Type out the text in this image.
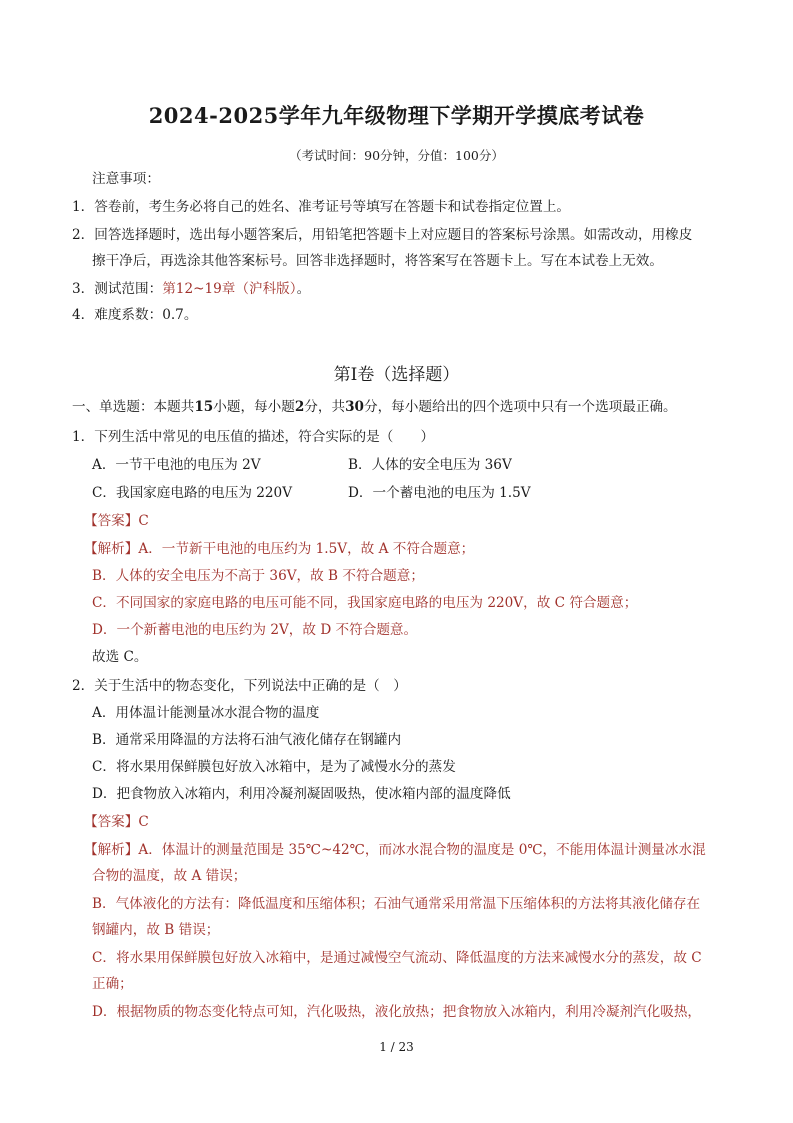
2024-2025学年九年级物理下学期开学摸底考试卷
（考试时间：90分钟，分值：100分）
注意事项：
1．答卷前，考生务必将自己的姓名、准考证号等填写在答题卡和试卷指定位置上。
2．回答选择题时，选出每小题答案后，用铅笔把答题卡上对应题目的答案标号涂黑。如需改动，用橡皮
擦干净后，再选涂其他答案标号。回答非选择题时，将答案写在答题卡上。写在本试卷上无效。
3．测试范围：第12~19章（沪科版）。
4．难度系数：0.7。
第Ⅰ卷（选择题）
一、单选题：本题共15小题，每小题2分，共30分，每小题给出的四个选项中只有一个选项最正确。
1．下列生活中常见的电压值的描述，符合实际的是（　　）
A．一节干电池的电压为 2V	B．人体的安全电压为 36V
C．我国家庭电路的电压为 220V	D．一个蓄电池的电压为 1.5V
【答案】C
【解析】A．一节新干电池的电压约为 1.5V，故 A 不符合题意；
B．人体的安全电压为不高于 36V，故 B 不符合题意；
C．不同国家的家庭电路的电压可能不同，我国家庭电路的电压为 220V，故 C 符合题意；
D．一个新蓄电池的电压约为 2V，故 D 不符合题意。
故选 C。
2．关于生活中的物态变化，下列说法中正确的是（　）
A．用体温计能测量冰水混合物的温度
B．通常采用降温的方法将石油气液化储存在钢罐内
C．将水果用保鲜膜包好放入冰箱中，是为了减慢水分的蒸发
D．把食物放入冰箱内，利用冷凝剂凝固吸热，使冰箱内部的温度降低
【答案】C
【解析】A．体温计的测量范围是 35℃~42℃，而冰水混合物的温度是 0℃，不能用体温计测量冰水混
合物的温度，故 A 错误；
B．气体液化的方法有：降低温度和压缩体积；石油气通常采用常温下压缩体积的方法将其液化储存在
钢罐内，故 B 错误；
C．将水果用保鲜膜包好放入冰箱中，是通过减慢空气流动、降低温度的方法来减慢水分的蒸发，故 C
正确；
D．根据物质的物态变化特点可知，汽化吸热，液化放热；把食物放入冰箱内，利用冷凝剂汽化吸热，
1 / 23
